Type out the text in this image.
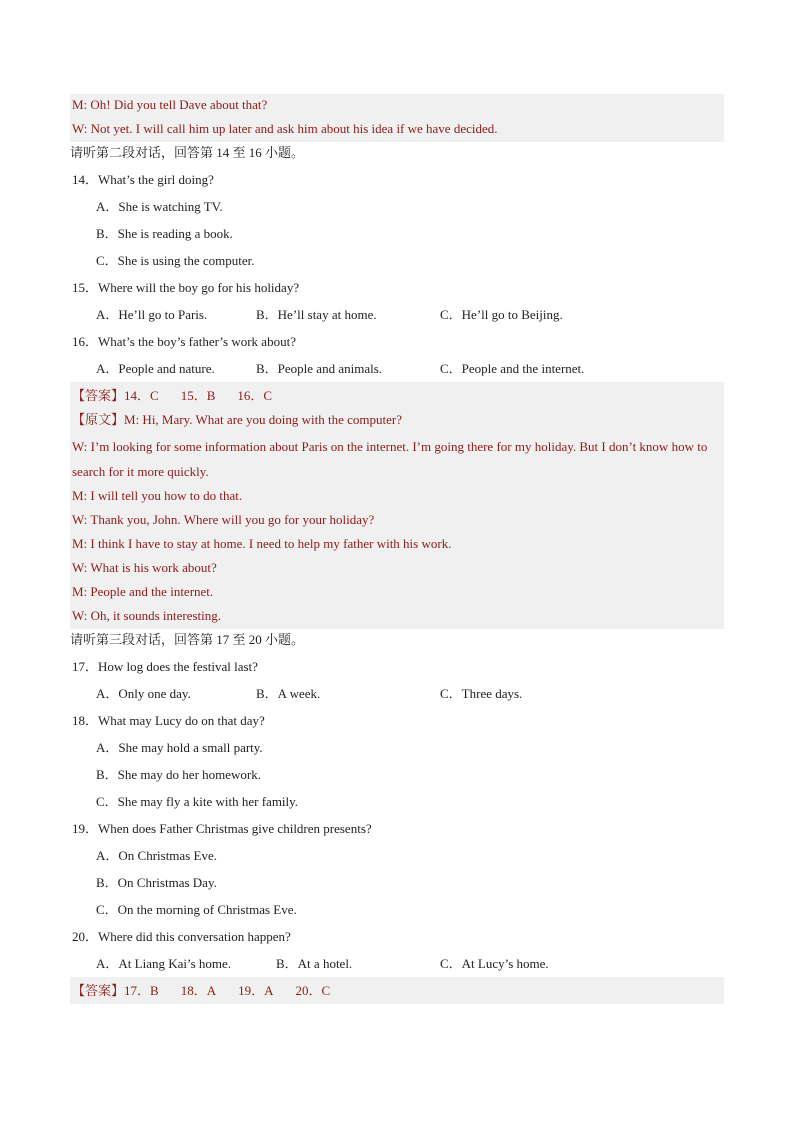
M: Oh! Did you tell Dave about that?
W: Not yet. I will call him up later and ask him about his idea if we have decided.
请听第二段对话，回答第 14 至 16 小题。
14．What’s the girl doing?
A．She is watching TV.
B．She is reading a book.
C．She is using the computer.
15．Where will the boy go for his holiday?
A．He’ll go to Paris.	B．He’ll stay at home.	C．He’ll go to Beijing.
16．What’s the boy’s father’s work about?
A．People and nature.	B．People and animals.	C．People and the internet.
【答案】14．C 15．B 16．C
【原文】M: Hi, Mary. What are you doing with the computer?
W: I’m looking for some information about Paris on the internet. I’m going there for my holiday. But I don’t know how to search for it more quickly.
M: I will tell you how to do that.
W: Thank you, John. Where will you go for your holiday?
M: I think I have to stay at home. I need to help my father with his work.
W: What is his work about?
M: People and the internet.
W: Oh, it sounds interesting.
请听第三段对话，回答第 17 至 20 小题。
17．How log does the festival last?
A．Only one day.	B．A week.	C．Three days.
18．What may Lucy do on that day?
A．She may hold a small party.
B．She may do her homework.
C．She may fly a kite with her family.
19．When does Father Christmas give children presents?
A．On Christmas Eve.
B．On Christmas Day.
C．On the morning of Christmas Eve.
20．Where did this conversation happen?
A．At Liang Kai’s home.	B．At a hotel.	C．At Lucy’s home.
【答案】17．B 18．A 19．A 20．C
